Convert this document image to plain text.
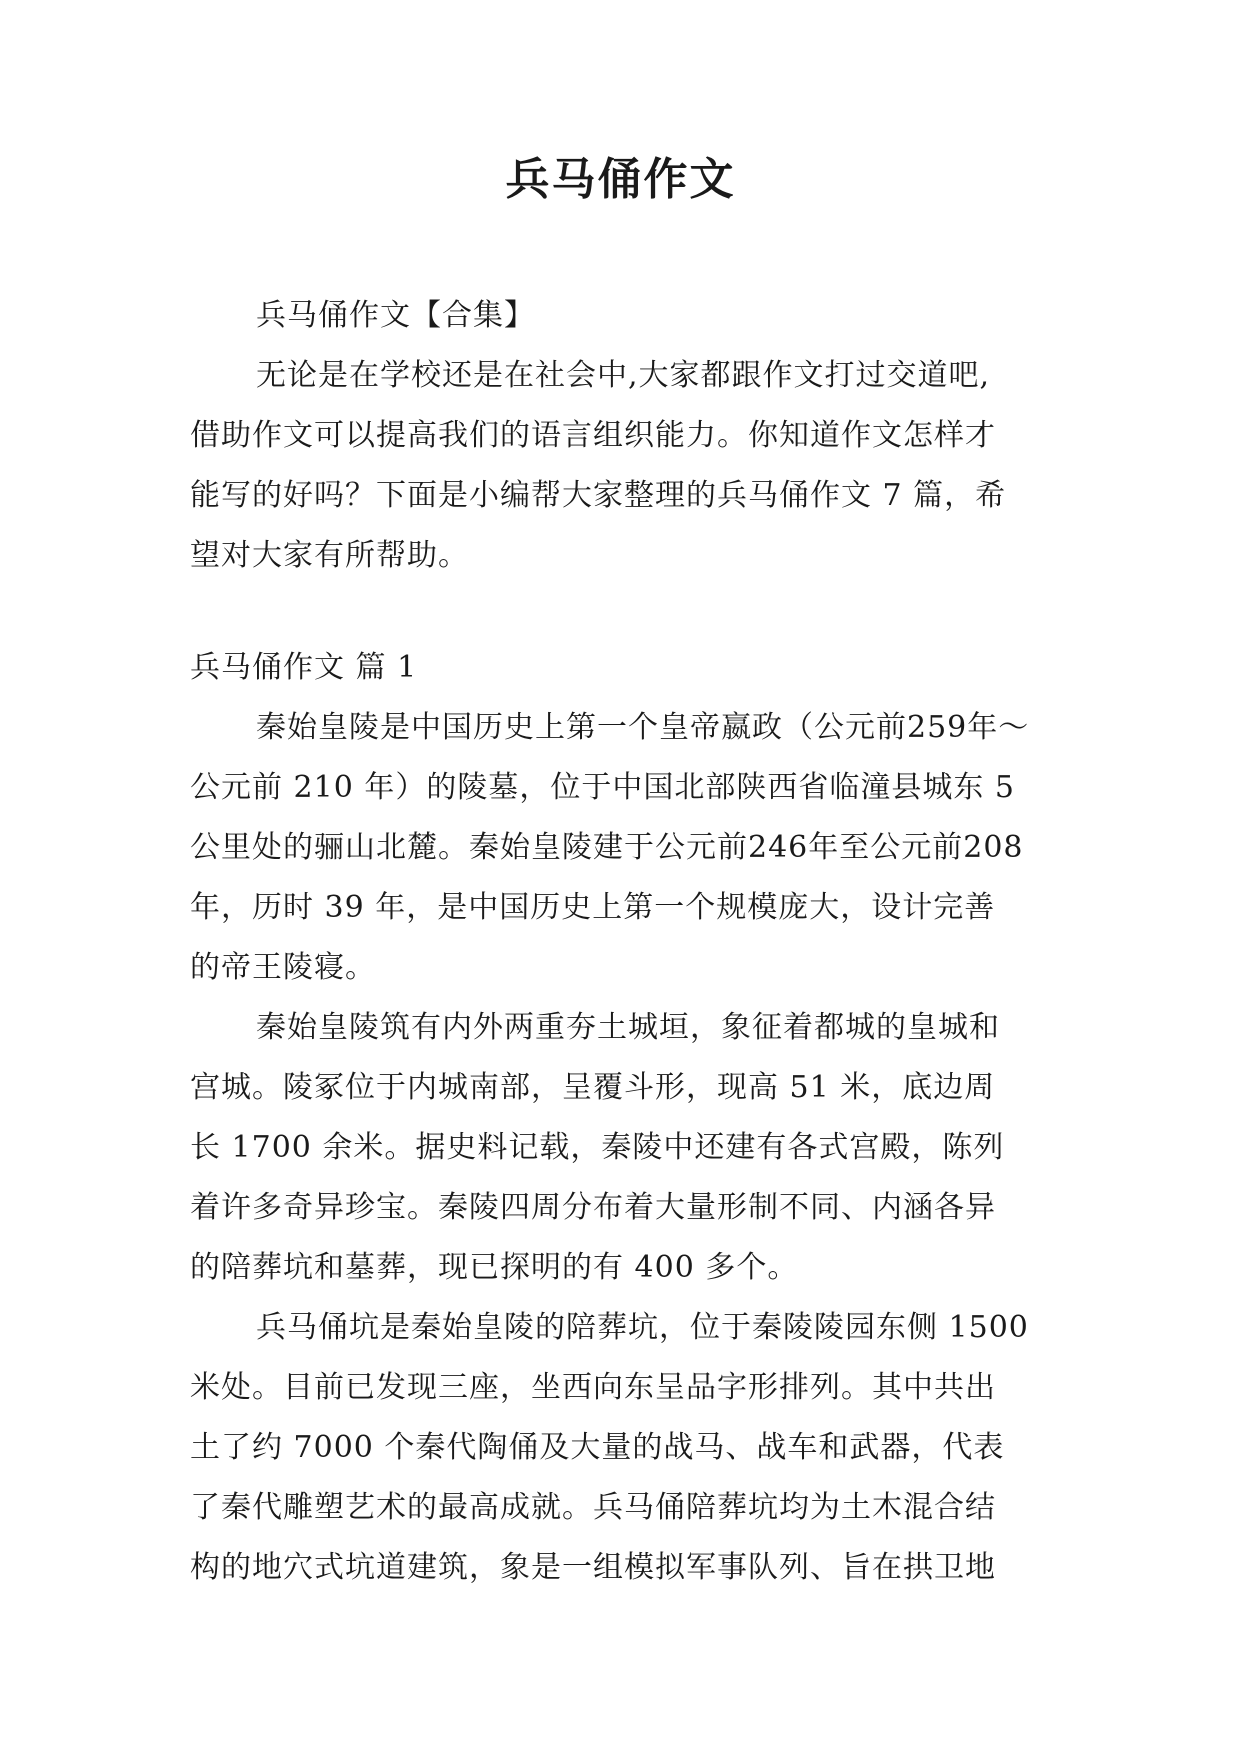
兵马俑作文

兵马俑作文【合集】

无论是在学校还是在社会中,大家都跟作文打过交道吧,

借助作文可以提高我们的语言组织能力。你知道作文怎样才

能写的好吗？下面是小编帮大家整理的兵马俑作文 7 篇，希

望对大家有所帮助。

兵马俑作文 篇 1

秦始皇陵是中国历史上第一个皇帝嬴政（公元前259年～

公元前 210 年）的陵墓，位于中国北部陕西省临潼县城东 5

公里处的骊山北麓。秦始皇陵建于公元前246年至公元前208

年，历时 39 年，是中国历史上第一个规模庞大，设计完善

的帝王陵寝。

秦始皇陵筑有内外两重夯土城垣，象征着都城的皇城和

宫城。陵冢位于内城南部，呈覆斗形，现高 51 米，底边周

长 1700 余米。据史料记载，秦陵中还建有各式宫殿，陈列

着许多奇异珍宝。秦陵四周分布着大量形制不同、内涵各异

的陪葬坑和墓葬，现已探明的有 400 多个。

兵马俑坑是秦始皇陵的陪葬坑，位于秦陵陵园东侧 1500

米处。目前已发现三座，坐西向东呈品字形排列。其中共出

土了约 7000 个秦代陶俑及大量的战马、战车和武器，代表

了秦代雕塑艺术的最高成就。兵马俑陪葬坑均为土木混合结

构的地穴式坑道建筑，象是一组模拟军事队列、旨在拱卫地
